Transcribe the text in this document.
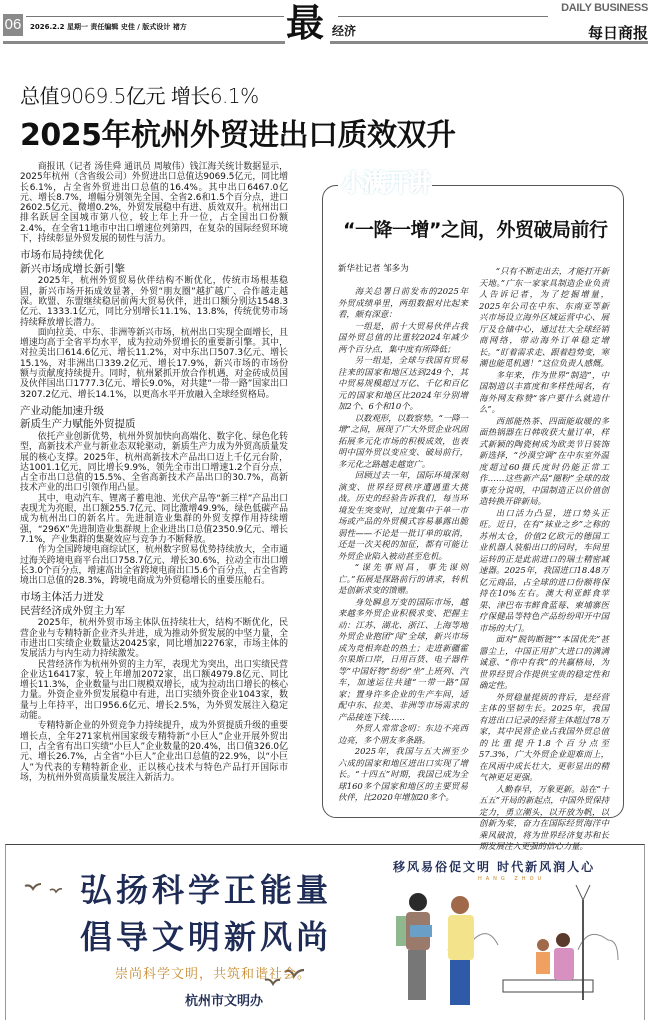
06 2026.2.2 星期一 责任编辑 史佳 / 版式设计 褚方	最 经济
DAILY BUSINESS
每日商报
总值9069.5亿元 增长6.1%
2025年杭州外贸进出口质效双升

商报讯（记者 汤佳舜 通讯员 周敏伟）钱江海关统计数据显示，2025年杭州（含省级公司）外贸进出口总值达9069.5亿元，同比增长6.1%，占全省外贸进出口总值的16.4%。其中出口6467.0亿元、增长8.7%，增幅分别领先全国、全省2.6和1.5个百分点，进口2602.5亿元、微增0.2%，外贸发展稳中有进、质效双升。杭州出口排名跃居全国城市第八位，较上年上升一位，占全国出口份额2.4%，在全省11地市中出口增速位列第四，在复杂的国际经贸环境下，持续彰显外贸发展的韧性与活力。

市场布局持续优化
新兴市场成增长新引擎

2025年，杭州外贸贸易伙伴结构不断优化，传统市场根基稳固，新兴市场开拓成效显著，外贸“朋友圈”越扩越广、合作越走越深。欧盟、东盟继续稳居前两大贸易伙伴，进出口额分别达1548.3亿元、1333.1亿元，同比分别增长11.1%、13.8%，传统优势市场持续释放增长潜力。

面向拉美、中东、非洲等新兴市场，杭州出口实现全面增长，且增速均高于全省平均水平，成为拉动外贸增长的重要新引擎。其中，对拉美出口614.6亿元、增长11.2%，对中东出口507.3亿元、增长15.1%，对非洲出口339.2亿元、增长17.9%，新兴市场的市场份额与贡献度持续提升。同时，杭州紧抓开放合作机遇，对金砖成员国及伙伴国出口1777.3亿元、增长9.0%，对共建“一带一路”国家出口3207.2亿元、增长14.1%，以更高水平开放融入全球经贸格局。

产业动能加速升级
新质生产力赋能外贸提质

依托产业创新优势，杭州外贸加快向高端化、数字化、绿色化转型，高新技术产业与新业态双轮驱动，新质生产力成为外贸高质量发展的核心支撑。2025年，杭州高新技术产品出口迈上千亿元台阶，达1001.1亿元，同比增长9.9%，领先全市出口增速1.2个百分点，占全市出口总值的15.5%、全省高新技术产品出口的30.7%，高新技术产业的出口引领作用凸显。

其中，电动汽车、锂离子蓄电池、光伏产品等“新三样”产品出口表现尤为亮眼，出口额255.7亿元、同比激增49.9%，绿色低碳产品成为杭州出口的新名片。先进制造业集群的外贸支撑作用持续增强，“296X”先进制造业集群规上企业进出口总值2350.9亿元、增长7.1%，产业集群的集聚效应与竞争力不断释放。

作为全国跨境电商综试区，杭州数字贸易优势持续放大，全市通过海关跨境电商平台出口758.7亿元、增长30.6%，拉动全市出口增长3.0个百分点，增速高出全省跨境电商出口5.6个百分点，占全省跨境出口总值的28.3%，跨境电商成为外贸稳增长的重要压舱石。

市场主体活力迸发
民营经济成外贸主力军

2025年，杭州外贸市场主体队伍持续壮大，结构不断优化，民营企业与专精特新企业齐头并进，成为推动外贸发展的中坚力量，全市进出口实绩企业数量达20425家，同比增加2276家，市场主体的发展活力与内生动力持续激发。

民营经济作为杭州外贸的主力军，表现尤为突出，出口实绩民营企业达16417家，较上年增加2072家，出口额4979.8亿元、同比增长11.3%，企业数量与出口规模双增长，成为拉动出口增长的核心力量。外资企业外贸发展稳中有进，出口实绩外资企业1043家，数量与上年持平，出口956.6亿元、增长2.5%，为外贸发展注入稳定动能。

专精特新企业的外贸竞争力持续提升，成为外贸提质升级的重要增长点，全年271家杭州国家级专精特新“小巨人”企业开展外贸出口，占全省有出口实绩“小巨人”企业数量的20.4%，出口值326.0亿元、增长26.7%，占全省“小巨人”企业出口总值的22.9%，以“小巨人”为代表的专精特新企业，正以核心技术与特色产品打开国际市场，为杭州外贸高质量发展注入新活力。

小满开讲
“一降一增”之间，外贸破局前行
新华社记者 邹多为

海关总署日前发布的2025年外贸成绩单里，两组数据对比起来看，颇有深意：

一组是，前十大贸易伙伴占我国外贸总值的比重较2024年减少两个百分点，集中度有所降低；

另一组是，全球与我国有贸易往来的国家和地区达到249个，其中贸易规模超过万亿、千亿和百亿元的国家和地区比2024年分别增加2个、6个和10个。

以数观形，以数察势。“一降一增”之间，展现了广大外贸企业巩固拓展多元化市场的积极成效，也表明中国外贸以变应变、破局前行，多元化之路越走越宽广。

回顾过去一年，国际环境深刻演变、世界经贸秩序遭遇重大挑战。历史的经验告诉我们，每当环境发生突变时，过度集中于单一市场或产品的外贸模式容易暴露出脆弱性——不论是一批订单的取消，还是一次关税的加征，都有可能让外贸企业陷入被动甚至危机。

“谋先事则昌，事先谋则亡。”拓展是探路前行的请求，转机是创新求变的馈赠。

身处瞬息万变的国际市场，越来越多外贸企业积极求变、把握主动：江苏、湖北、浙江、上海等地外贸企业抱团“闯”全球，新兴市场成为竞相奔赴的热土；走进新疆霍尔果斯口岸，日用百货、电子器件等“中国好物”纷纷“坐”上班列、汽车，加速运往共建“一带一路”国家；置身许多企业的生产车间，适配中东、拉美、非洲等市场需求的产品接连下线……

外贸人常常念叨：东边不亮西边亮，多个朋友多条路。

2025年，我国与五大洲至少六成的国家和地区进出口实现了增长。“十四五”时期，我国已成为全球160多个国家和地区的主要贸易伙伴，比2020年增加20多个。

“只有不断走出去，才能打开新天地。”广东一家家具制造企业负责人告诉记者，为了挖掘增量，2025年公司在中东、东南亚等新兴市场设立海外区域运营中心、展厅及仓储中心，通过壮大全球经销商网络，带动海外订单稳定增长。“盯着需求走、跟着趋势变，寒潮也能觅机遇！”这位负责人感慨。

多年来，作为世界“制造”，中国制造以丰富度和多样性闻名，有海外网友称赞“客户要什么就造什么”。

西部能热茶、四面能取暖的多面热锅器在日韩收获大量订单，样式新颖的陶瓷树成为欧美节日装饰新选择，“沙漠空调”在中东室外温度超过60摄氏度时仍能正常工作……这些新产品“圈粉”全球的故事充分说明，中国制造正以价值创造转换开辟新局。

出口活力凸显，进口势头正旺。近日，在有“袜业之乡”之称的苏州太仓，价值2亿欧元的德国工业机器人装船出口的同时，车间里运转的正是此前进口的瑞士精密减速器。2025年，我国进口18.48万亿元商品，占全球的进口份额将保持在10%左右。澳大利亚鲜食苹果、津巴布韦鲜食蓝莓、柬埔寨医疗保健品等特色产品纷纷叩开中国市场的大门。

面对“脱钩断链”“本国优先”甚嚣尘上，中国正用扩大进口的满满诚意、“你中有我”的共赢格局，为世界经贸合作提供宝贵的稳定性和确定性。

外贸稳量提质的背后，是经营主体的坚韧生长。2025年，我国有进出口记录的经营主体超过78万家，其中民营企业占我国外贸总值的比重提升1.8个百分点至57.3%，广大外贸企业迎难而上，在风雨中成长壮大，更彰显出的精气神更足更强。

人勤春早，万象更新。站在“十五五”开局的新起点，中国外贸保持定力，勇立潮头，以开放为帆，以创新为桨，奋力在国际经贸海洋中乘风破浪，将为世界经济复苏和长期发展注入更强的信心力量。

弘扬科学正能量
倡导文明新风尚
崇尚科学文明，共筑和谐社会。
杭州市文明办
移风易俗促文明 时代新风润人心
HANG ZHOU
